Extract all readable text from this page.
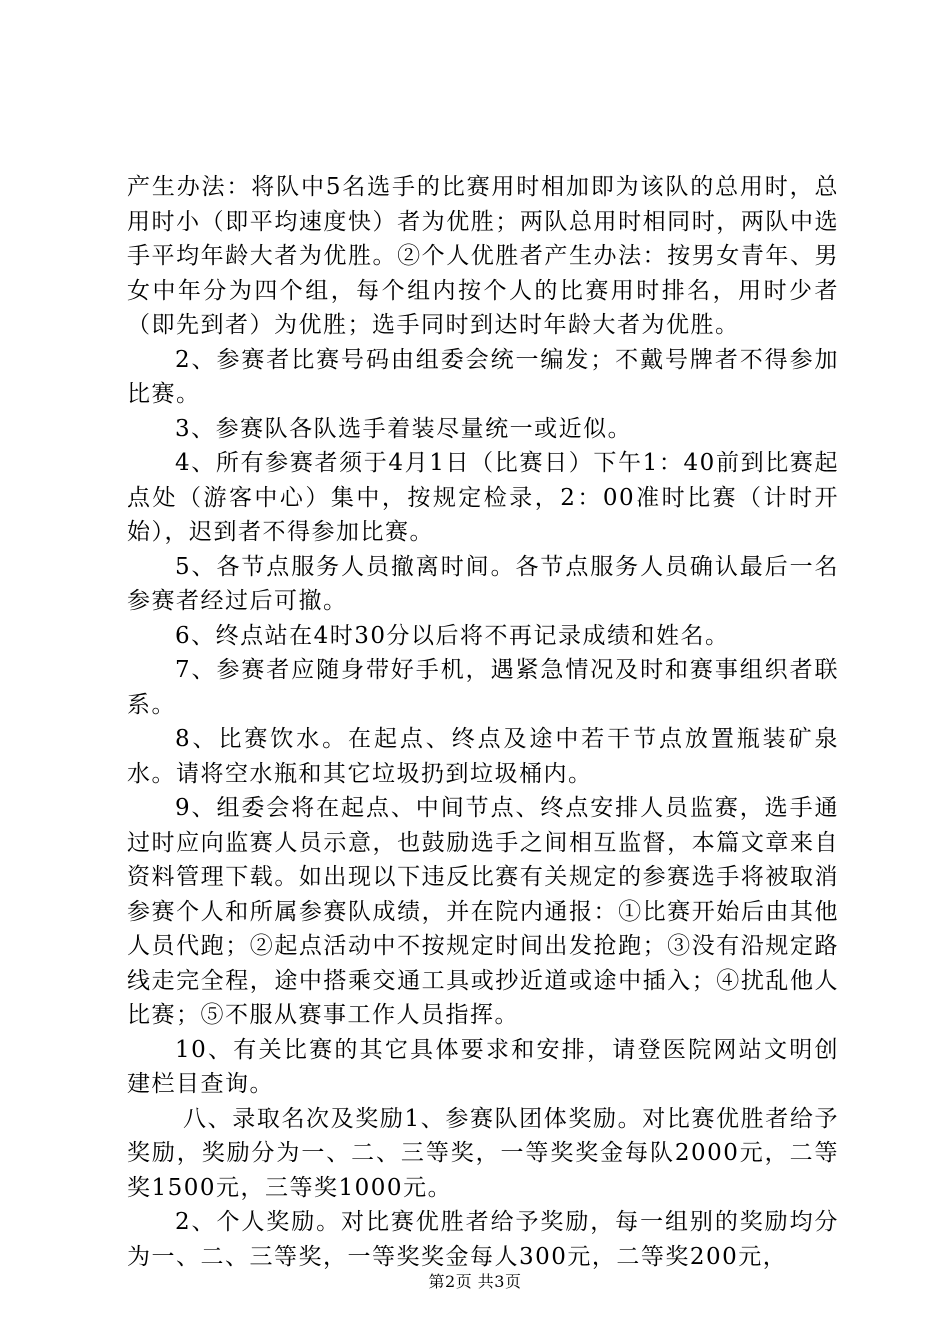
产生办法：将队中5名选手的比赛用时相加即为该队的总用时，总用时小（即平均速度快）者为优胜；两队总用时相同时，两队中选手平均年龄大者为优胜。②个人优胜者产生办法：按男女青年、男女中年分为四个组，每个组内按个人的比赛用时排名，用时少者（即先到者）为优胜；选手同时到达时年龄大者为优胜。

2、参赛者比赛号码由组委会统一编发；不戴号牌者不得参加比赛。

3、参赛队各队选手着装尽量统一或近似。

4、所有参赛者须于4月1日（比赛日）下午1：40前到比赛起点处（游客中心）集中，按规定检录，2：00准时比赛（计时开始），迟到者不得参加比赛。

5、各节点服务人员撤离时间。各节点服务人员确认最后一名参赛者经过后可撤。

6、终点站在4时30分以后将不再记录成绩和姓名。

7、参赛者应随身带好手机，遇紧急情况及时和赛事组织者联系。

8、比赛饮水。在起点、终点及途中若干节点放置瓶装矿泉水。请将空水瓶和其它垃圾扔到垃圾桶内。

9、组委会将在起点、中间节点、终点安排人员监赛，选手通过时应向监赛人员示意，也鼓励选手之间相互监督，本篇文章来自资料管理下载。如出现以下违反比赛有关规定的参赛选手将被取消参赛个人和所属参赛队成绩，并在院内通报：①比赛开始后由其他人员代跑；②起点活动中不按规定时间出发抢跑；③没有沿规定路线走完全程，途中搭乘交通工具或抄近道或途中插入；④扰乱他人比赛；⑤不服从赛事工作人员指挥。

10、有关比赛的其它具体要求和安排，请登医院网站文明创建栏目查询。

八、录取名次及奖励1、参赛队团体奖励。对比赛优胜者给予奖励，奖励分为一、二、三等奖，一等奖奖金每队2000元，二等奖1500元，三等奖1000元。

2、个人奖励。对比赛优胜者给予奖励，每一组别的奖励均分为一、二、三等奖，一等奖奖金每人300元，二等奖200元，

第2页 共3页
